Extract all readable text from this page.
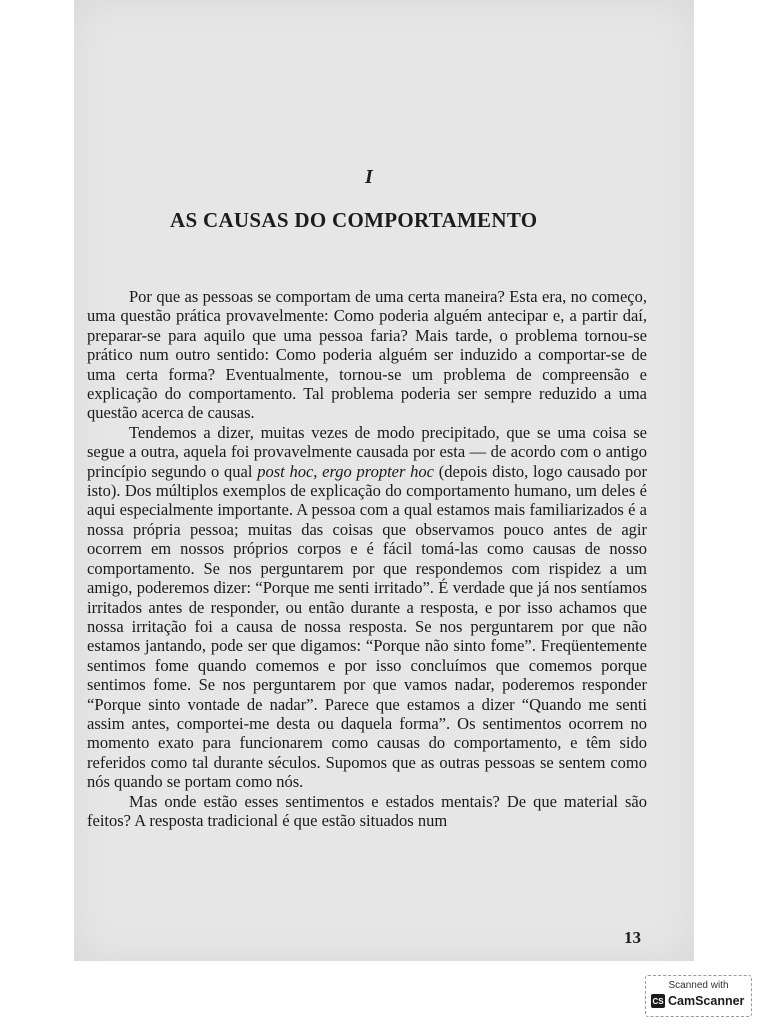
I
AS CAUSAS DO COMPORTAMENTO

Por que as pessoas se comportam de uma certa maneira? Esta era, no começo, uma questão prática provavelmente: Como poderia alguém antecipar e, a partir daí, preparar-se para aquilo que uma pessoa faria? Mais tarde, o problema tornou-se prático num outro sentido: Como poderia alguém ser induzido a comportar-se de uma certa forma? Eventualmente, tornou-se um problema de compreensão e explicação do comportamento. Tal problema poderia ser sempre reduzido a uma questão acerca de causas.

Tendemos a dizer, muitas vezes de modo precipitado, que se uma coisa se segue a outra, aquela foi provavelmente causada por esta — de acordo com o antigo princípio segundo o qual post hoc, ergo propter hoc (depois disto, logo causado por isto). Dos múltiplos exemplos de explicação do comportamento humano, um deles é aqui especialmente importante. A pessoa com a qual estamos mais familiarizados é a nossa própria pessoa; muitas das coisas que observamos pouco antes de agir ocorrem em nossos próprios corpos e é fácil tomá-las como causas de nosso comportamento. Se nos perguntarem por que respondemos com rispidez a um amigo, poderemos dizer: “Porque me senti irritado”. É verdade que já nos sentíamos irritados antes de responder, ou então durante a resposta, e por isso achamos que nossa irritação foi a causa de nossa resposta. Se nos perguntarem por que não estamos jantando, pode ser que digamos: “Porque não sinto fome”. Freqüentemente sentimos fome quando comemos e por isso concluímos que comemos porque sentimos fome. Se nos perguntarem por que vamos nadar, poderemos responder “Porque sinto vontade de nadar”. Parece que estamos a dizer “Quando me senti assim antes, comportei-me desta ou daquela forma”. Os sentimentos ocorrem no momento exato para funcionarem como causas do comportamento, e têm sido referidos como tal durante séculos. Supomos que as outras pessoas se sentem como nós quando se portam como nós.

Mas onde estão esses sentimentos e estados mentais? De que material são feitos? A resposta tradicional é que estão situados num

13
Scanned with
CS CamScanner
